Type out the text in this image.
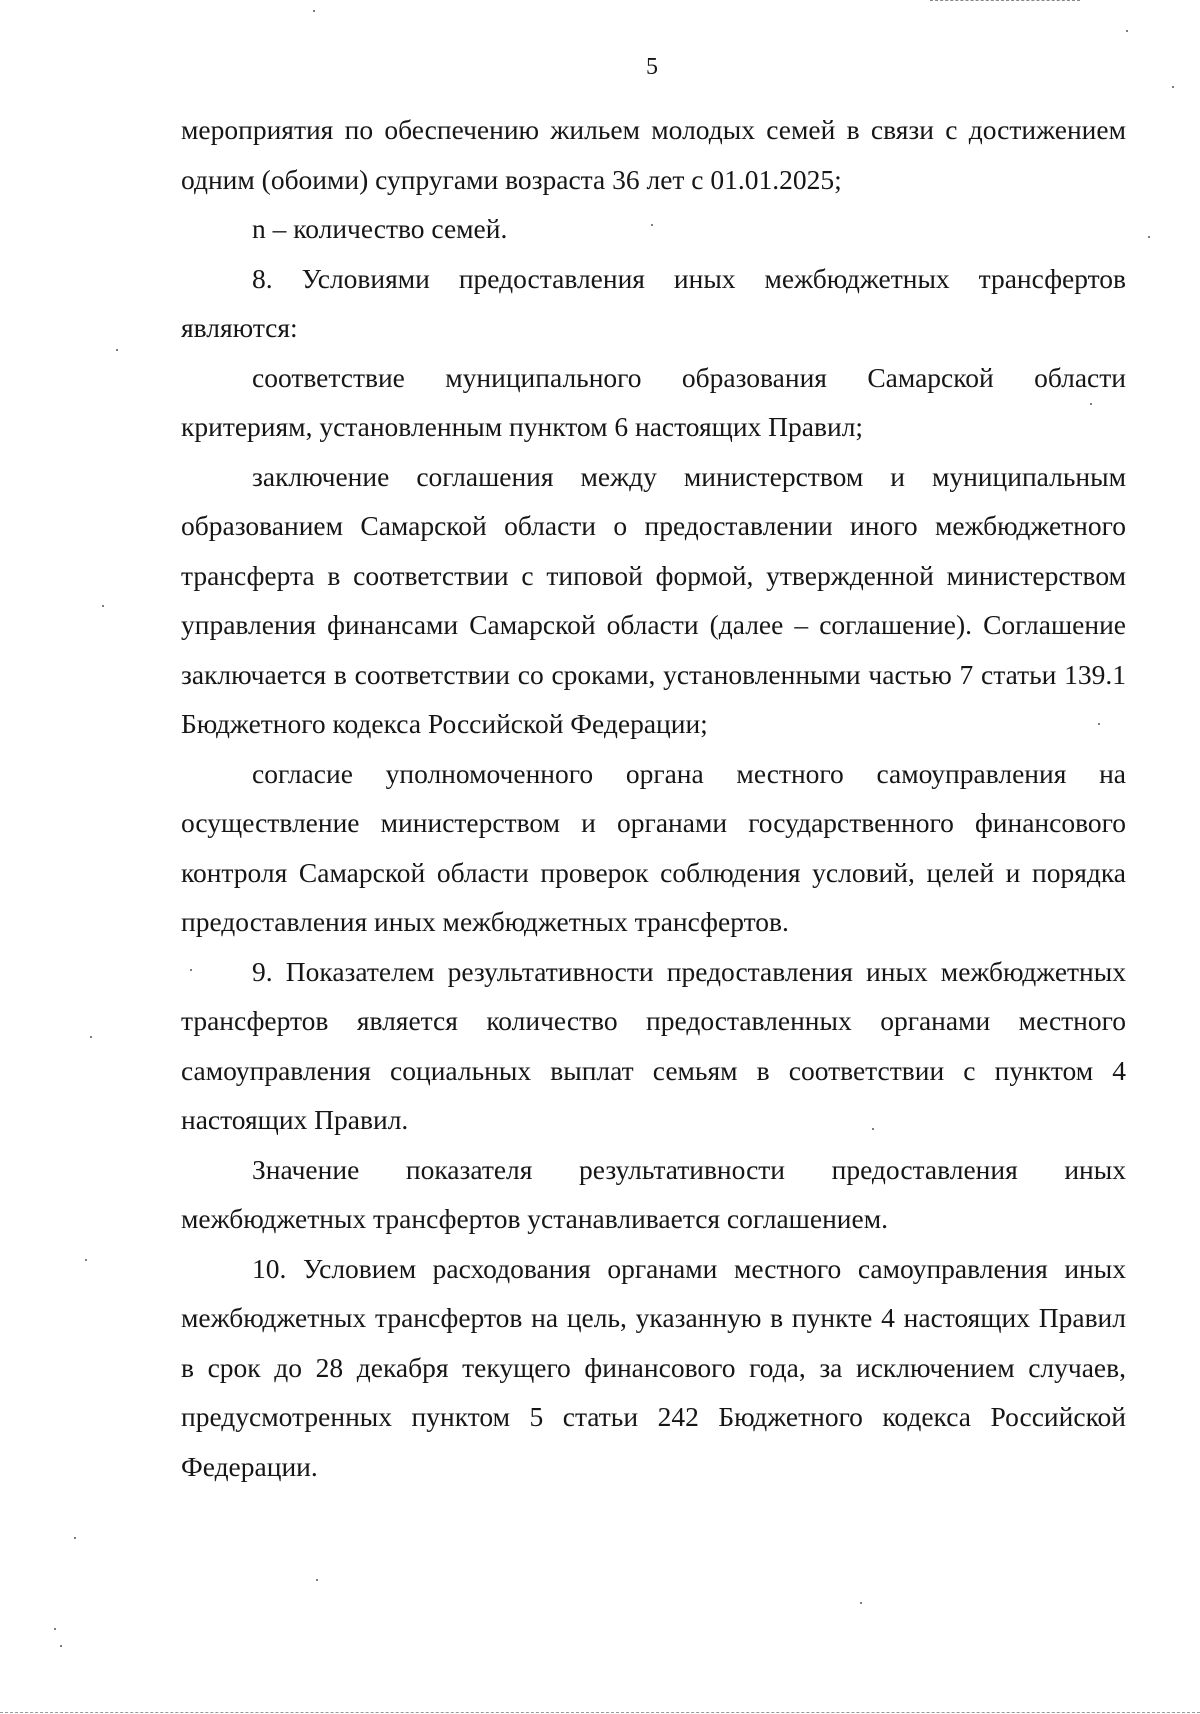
5

мероприятия по обеспечению жильем молодых семей в связи с достижением одним (обоими) супругами возраста 36 лет с 01.01.2025;

n – количество семей.

8. Условиями предоставления иных межбюджетных трансфертов являются:

соответствие муниципального образования Самарской области критериям, установленным пунктом 6 настоящих Правил;

заключение соглашения между министерством и муниципальным образованием Самарской области о предоставлении иного межбюджетного трансферта в соответствии с типовой формой, утвержденной министерством управления финансами Самарской области (далее – соглашение). Соглашение заключается в соответствии со сроками, установленными частью 7 статьи 139.1 Бюджетного кодекса Российской Федерации;

согласие уполномоченного органа местного самоуправления на осуществление министерством и органами государственного финансового контроля Самарской области проверок соблюдения условий, целей и порядка предоставления иных межбюджетных трансфертов.

9. Показателем результативности предоставления иных межбюджетных трансфертов является количество предоставленных органами местного самоуправления социальных выплат семьям в соответствии с пунктом 4 настоящих Правил.

Значение показателя результативности предоставления иных межбюджетных трансфертов устанавливается соглашением.

10. Условием расходования органами местного самоуправления иных межбюджетных трансфертов на цель, указанную в пункте 4 настоящих Правил в срок до 28 декабря текущего финансового года, за исключением случаев, предусмотренных пунктом 5 статьи 242 Бюджетного кодекса Российской Федерации.
